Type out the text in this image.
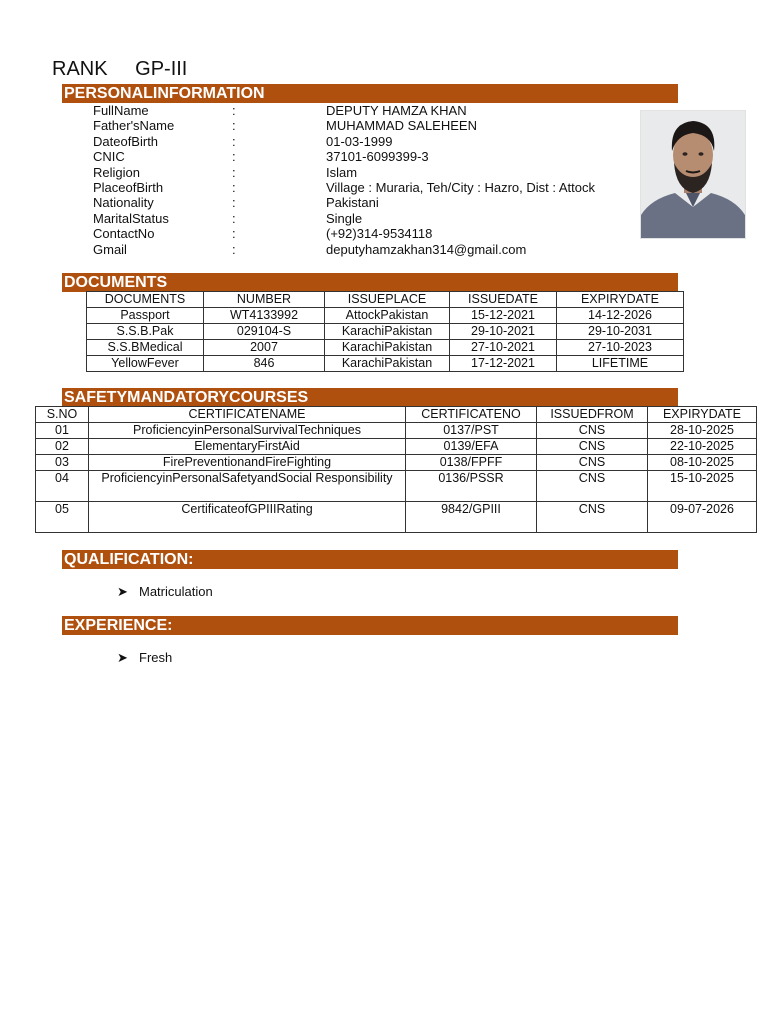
RANK GP-III
PERSONALINFORMATION
FullName	:	DEPUTY HAMZA KHAN
Father'sName	:	MUHAMMAD SALEHEEN
DateofBirth	:	01-03-1999
CNIC	:	37101-6099399-3
Religion	:	Islam
PlaceofBirth	:	Village : Muraria, Teh/City : Hazro, Dist : Attock
Nationality	:	Pakistani
MaritalStatus	:	Single
ContactNo	:	(+92)314-9534118
Gmail	:	deputyhamzakhan314@gmail.com
DOCUMENTS
DOCUMENTS	NUMBER	ISSUEPLACE	ISSUEDATE	EXPIRYDATE
Passport	WT4133992	AttockPakistan	15-12-2021	14-12-2026
S.S.B.Pak	029104-S	KarachiPakistan	29-10-2021	29-10-2031
S.S.BMedical	2007	KarachiPakistan	27-10-2021	27-10-2023
YellowFever	846	KarachiPakistan	17-12-2021	LIFETIME
SAFETYMANDATORYCOURSES
S.NO	CERTIFICATENAME	CERTIFICATENO	ISSUEDFROM	EXPIRYDATE
01	ProficiencyinPersonalSurvivalTechniques	0137/PST	CNS	28-10-2025
02	ElementaryFirstAid	0139/EFA	CNS	22-10-2025
03	FirePreventionandFireFighting	0138/FPFF	CNS	08-10-2025
04	ProficiencyinPersonalSafetyandSocial Responsibility	0136/PSSR	CNS	15-10-2025
05	CertificateofGPIIIRating	9842/GPIII	CNS	09-07-2026
QUALIFICATION:
➤ Matriculation
EXPERIENCE:
➤ Fresh
